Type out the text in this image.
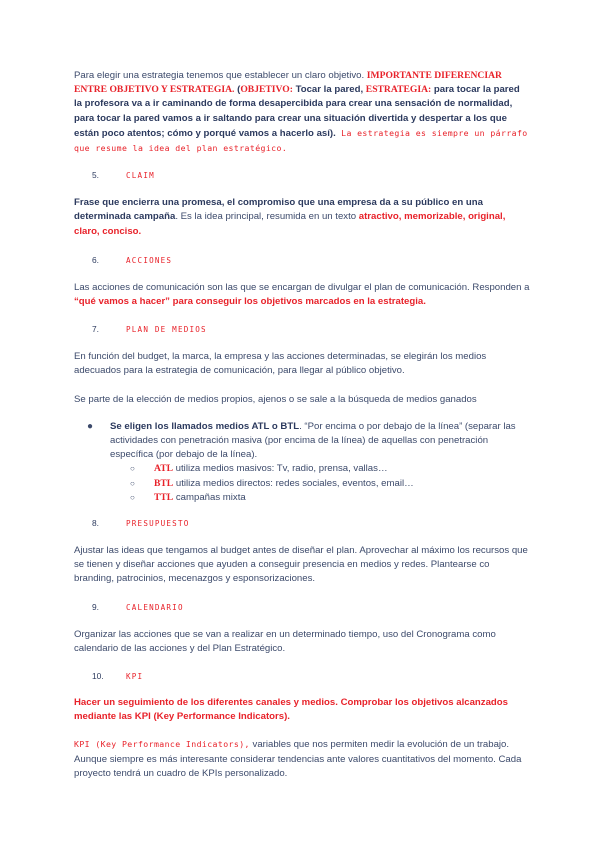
Para elegir una estrategia tenemos que establecer un claro objetivo. IMPORTANTE DIFERENCIAR ENTRE OBJETIVO Y ESTRATEGIA. (OBJETIVO: Tocar la pared, ESTRATEGIA: para tocar la pared la profesora va a ir caminando de forma desapercibida para crear una sensación de normalidad, para tocar la pared vamos a ir saltando para crear una situación divertida y despertar a los que están poco atentos; cómo y porqué vamos a hacerlo así). La estrategia es siempre un párrafo que resume la idea del plan estratégico.

5.	CLAIM

Frase que encierra una promesa, el compromiso que una empresa da a su público en una determinada campaña. Es la idea principal, resumida en un texto atractivo, memorizable, original, claro, conciso.

6.	ACCIONES

Las acciones de comunicación son las que se encargan de divulgar el plan de comunicación. Responden a “qué vamos a hacer” para conseguir los objetivos marcados en la estrategia.

7.	PLAN DE MEDIOS

En función del budget, la marca, la empresa y las acciones determinadas, se elegirán los medios adecuados para la estrategia de comunicación, para llegar al público objetivo.

Se parte de la elección de medios propios, ajenos o se sale a la búsqueda de medios ganados

● Se eligen los llamados medios ATL o BTL. “Por encima o por debajo de la línea” (separar las actividades con penetración masiva (por encima de la línea) de aquellas con penetración específica (por debajo de la línea).
○ ATL utiliza medios masivos: Tv, radio, prensa, vallas…
○ BTL utiliza medios directos: redes sociales, eventos, email…
○ TTL campañas mixta
8.	PRESUPUESTO

Ajustar las ideas que tengamos al budget antes de diseñar el plan. Aprovechar al máximo los recursos que se tienen y diseñar acciones que ayuden a conseguir presencia en medios y redes. Plantearse co branding, patrocinios, mecenazgos y esponsorizaciones.

9.	CALENDARIO

Organizar las acciones que se van a realizar en un determinado tiempo, uso del Cronograma como calendario de las acciones y del Plan Estratégico.

10.	KPI

Hacer un seguimiento de los diferentes canales y medios. Comprobar los objetivos alcanzados mediante las KPI (Key Performance Indicators).

KPI (Key Performance Indicators), variables que nos permiten medir la evolución de un trabajo. Aunque siempre es más interesante considerar tendencias ante valores cuantitativos del momento. Cada proyecto tendrá un cuadro de KPIs personalizado.
